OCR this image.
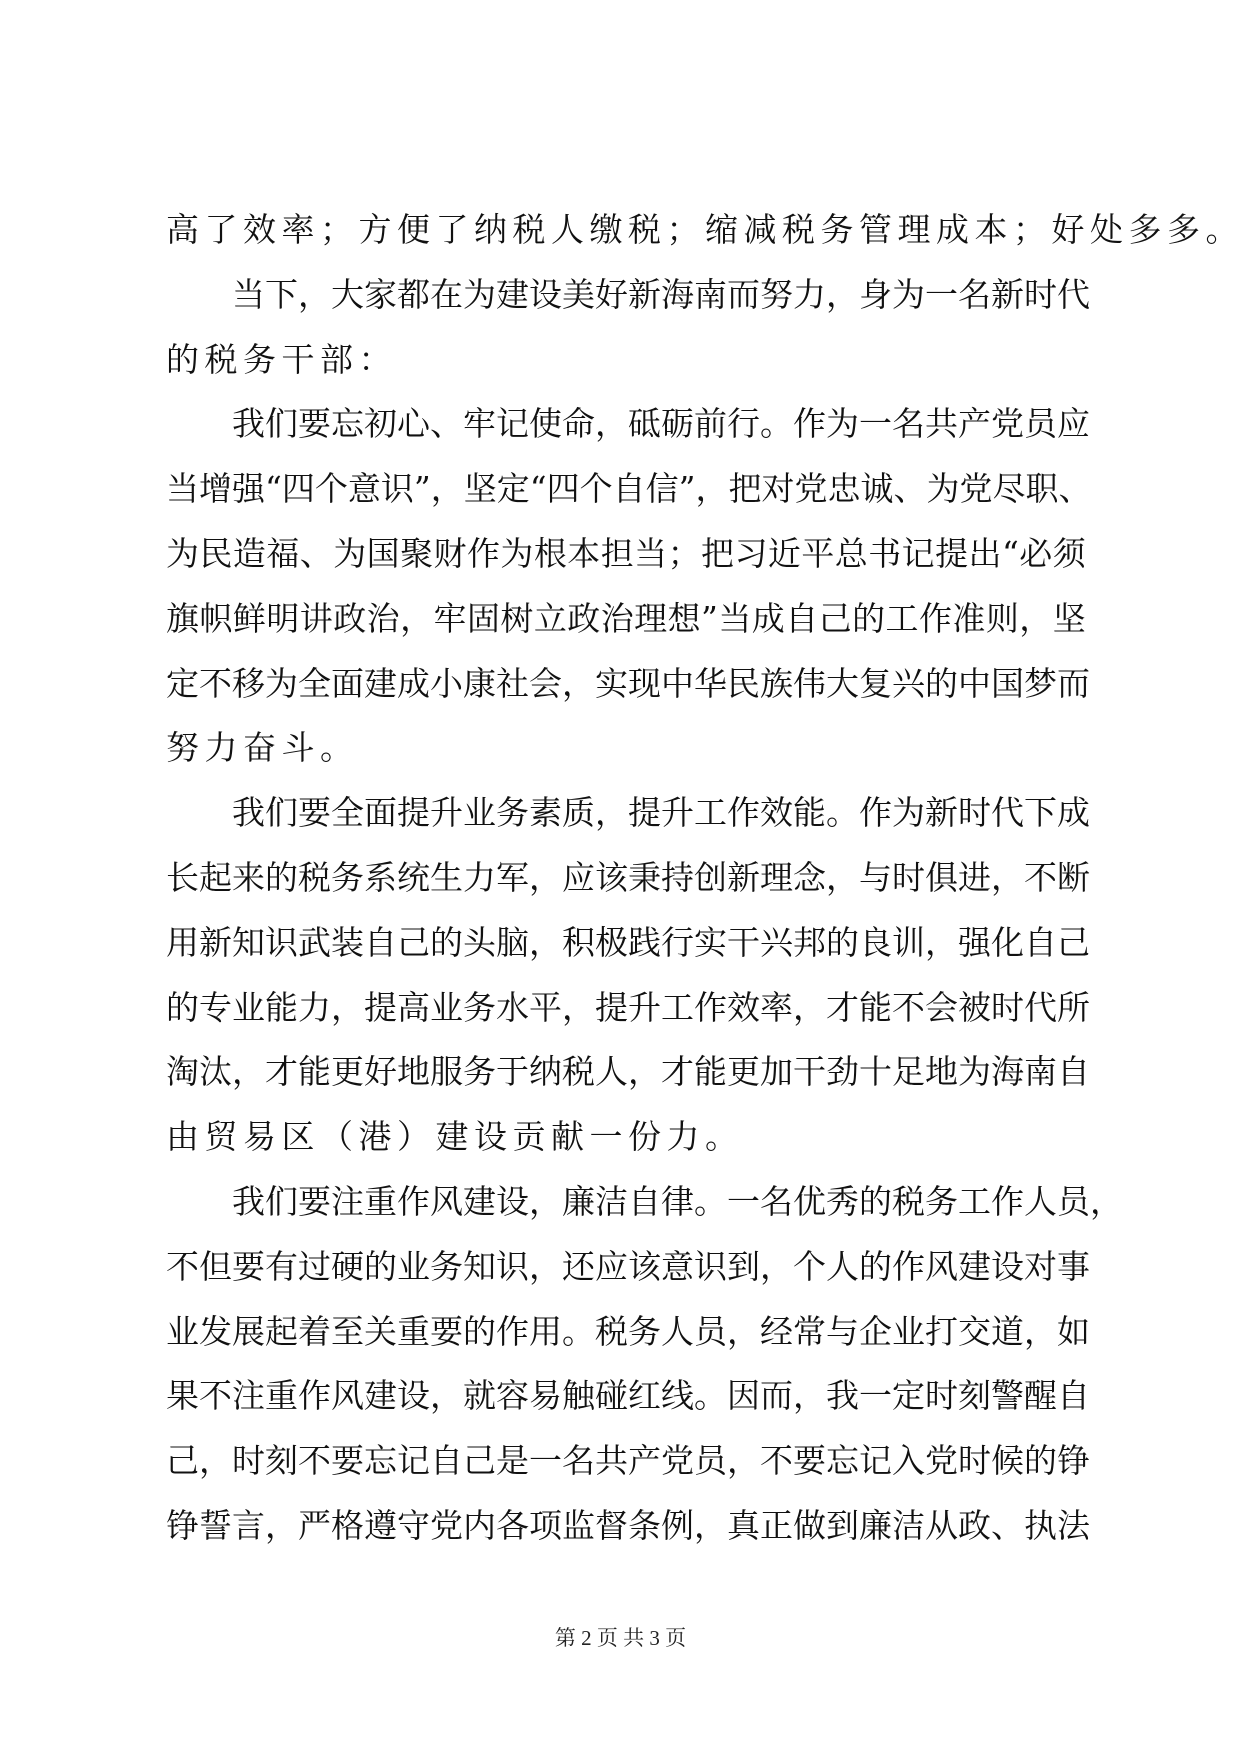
高 了 效 率 ； 方 便 了 纳 税 人 缴 税 ； 缩 减 税 务 管 理 成 本 ； 好 处 多 多 。
当 下 ， 大 家 都 在 为 建 设 美 好 新 海 南 而 努 力 ， 身 为 一 名 新 时 代
的 税 务 干 部 ：
我 们 要 忘 初 心 、 牢 记 使 命 ， 砥 砺 前 行 。 作 为 一 名 共 产 党 员 应
当 增 强 “ 四 个 意 识 ” ， 坚 定 “ 四 个 自 信 ” ， 把 对 党 忠 诚 、 为 党 尽 职 、
为 民 造 福 、 为 国 聚 财 作 为 根 本 担 当 ； 把 习 近 平 总 书 记 提 出 “ 必 须
旗 帜 鲜 明 讲 政 治 ， 牢 固 树 立 政 治 理 想 ” 当 成 自 己 的 工 作 准 则 ， 坚
定 不 移 为 全 面 建 成 小 康 社 会 ， 实 现 中 华 民 族 伟 大 复 兴 的 中 国 梦 而
努 力 奋 斗 。
我 们 要 全 面 提 升 业 务 素 质 ， 提 升 工 作 效 能 。 作 为 新 时 代 下 成
长 起 来 的 税 务 系 统 生 力 军 ， 应 该 秉 持 创 新 理 念 ， 与 时 俱 进 ， 不 断
用 新 知 识 武 装 自 己 的 头 脑 ， 积 极 践 行 实 干 兴 邦 的 良 训 ， 强 化 自 己
的 专 业 能 力 ， 提 高 业 务 水 平 ， 提 升 工 作 效 率 ， 才 能 不 会 被 时 代 所
淘 汰 ， 才 能 更 好 地 服 务 于 纳 税 人 ， 才 能 更 加 干 劲 十 足 地 为 海 南 自
由 贸 易 区 （ 港 ） 建 设 贡 献 一 份 力 。
我 们 要 注 重 作 风 建 设 ， 廉 洁 自 律 。 一 名 优 秀 的 税 务 工 作 人 员 ，
不 但 要 有 过 硬 的 业 务 知 识 ， 还 应 该 意 识 到 ， 个 人 的 作 风 建 设 对 事
业 发 展 起 着 至 关 重 要 的 作 用 。 税 务 人 员 ， 经 常 与 企 业 打 交 道 ， 如
果 不 注 重 作 风 建 设 ， 就 容 易 触 碰 红 线 。 因 而 ， 我 一 定 时 刻 警 醒 自
己 ， 时 刻 不 要 忘 记 自 己 是 一 名 共 产 党 员 ， 不 要 忘 记 入 党 时 候 的 铮
铮 誓 言 ， 严 格 遵 守 党 内 各 项 监 督 条 例 ， 真 正 做 到 廉 洁 从 政 、 执 法
第 2 页 共 3 页
